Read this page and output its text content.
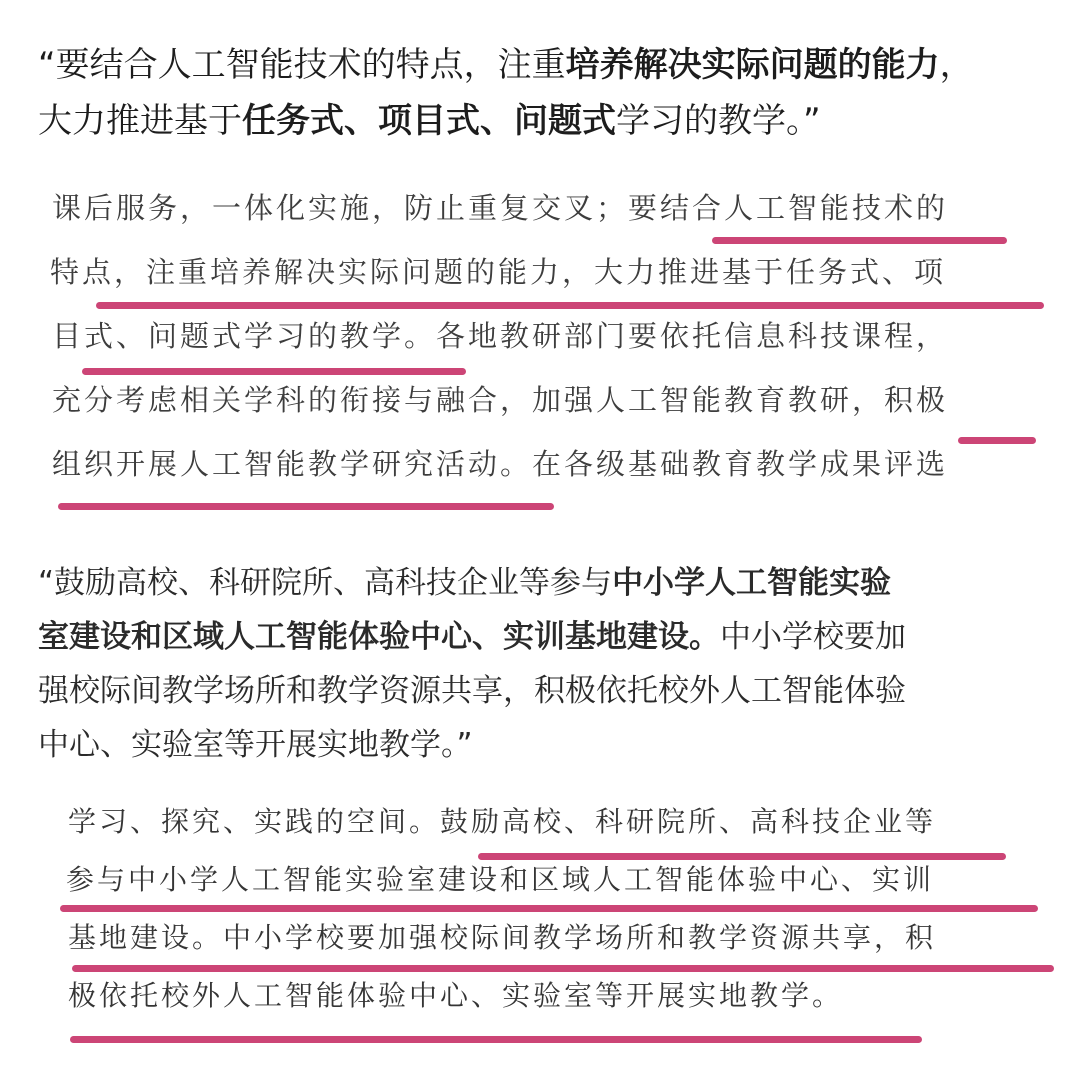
“要结合人工智能技术的特点，注重培养解决实际问题的能力，
大力推进基于任务式、项目式、问题式学习的教学。”
课后服务，一体化实施，防止重复交叉；要结合人工智能技术的
特点，注重培养解决实际问题的能力，大力推进基于任务式、项
目式、问题式学习的教学。各地教研部门要依托信息科技课程，
充分考虑相关学科的衔接与融合，加强人工智能教育教研，积极
组织开展人工智能教学研究活动。在各级基础教育教学成果评选
“鼓励高校、科研院所、高科技企业等参与中小学人工智能实验
室建设和区域人工智能体验中心、实训基地建设。中小学校要加
强校际间教学场所和教学资源共享，积极依托校外人工智能体验
中心、实验室等开展实地教学。”
学习、探究、实践的空间。鼓励高校、科研院所、高科技企业等
参与中小学人工智能实验室建设和区域人工智能体验中心、实训
基地建设。中小学校要加强校际间教学场所和教学资源共享，积
极依托校外人工智能体验中心、实验室等开展实地教学。
